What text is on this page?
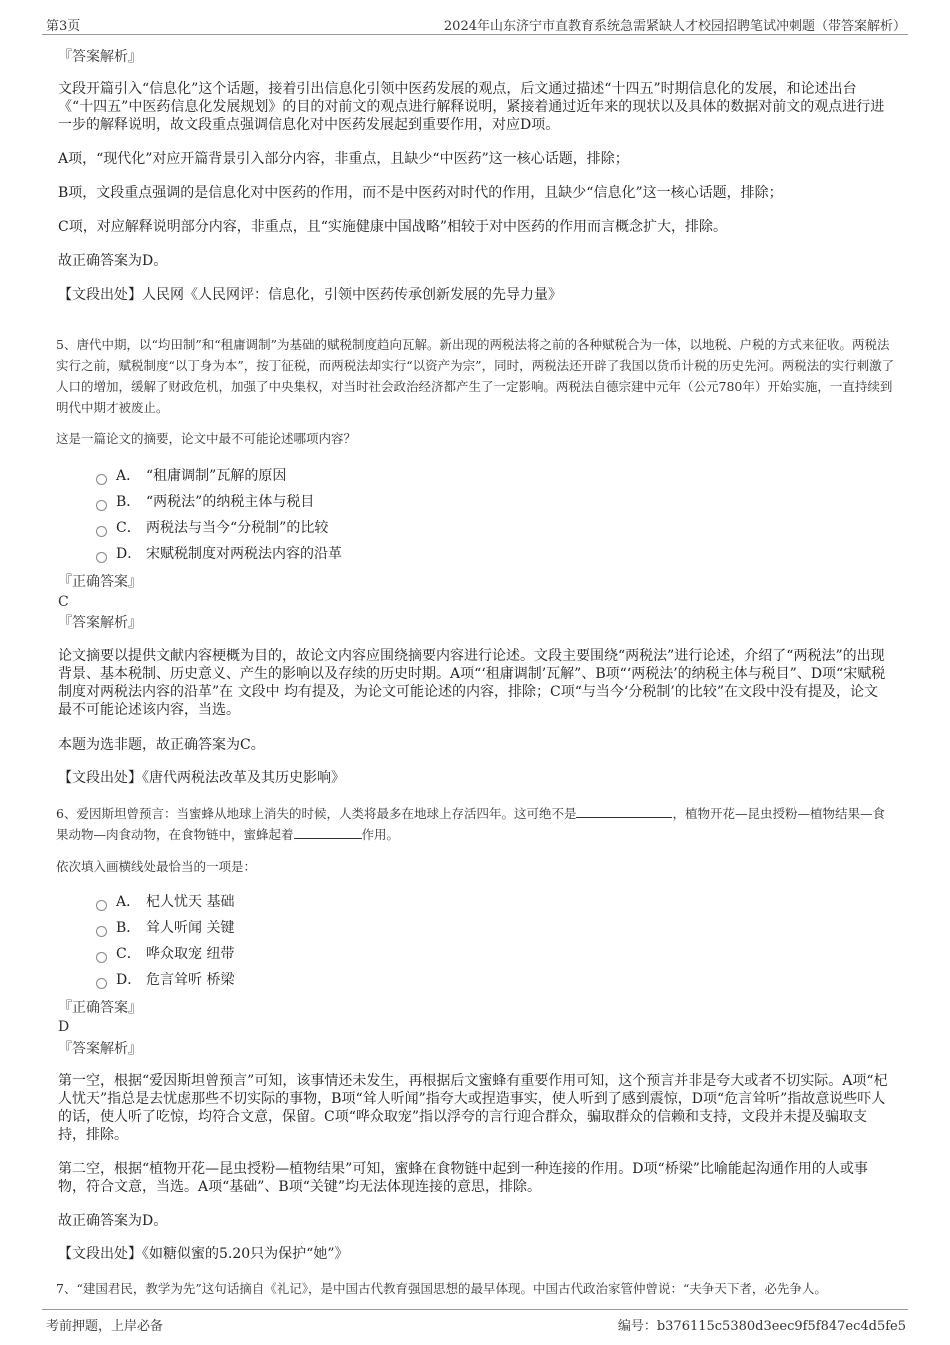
第3页	2024年山东济宁市直教育系统急需紧缺人才校园招聘笔试冲刺题（带答案解析）

『答案解析』

文段开篇引入“信息化”这个话题，接着引出信息化引领中医药发展的观点，后文通过描述“十四五”时期信息化的发展，和论述出台《“十四五”中医药信息化发展规划》的目的对前文的观点进行解释说明，紧接着通过近年来的现状以及具体的数据对前文的观点进行进一步的解释说明，故文段重点强调信息化对中医药发展起到重要作用，对应D项。

A项，“现代化”对应开篇背景引入部分内容，非重点，且缺少“中医药”这一核心话题，排除；

B项，文段重点强调的是信息化对中医药的作用，而不是中医药对时代的作用，且缺少“信息化”这一核心话题，排除；

C项，对应解释说明部分内容，非重点，且“实施健康中国战略”相较于对中医药的作用而言概念扩大，排除。

故正确答案为D。

【文段出处】人民网《人民网评：信息化，引领中医药传承创新发展的先导力量》

5、唐代中期，以“均田制”和“租庸调制”为基础的赋税制度趋向瓦解。新出现的两税法将之前的各种赋税合为一体，以地税、户税的方式来征收。两税法实行之前，赋税制度“以丁身为本”，按丁征税，而两税法却实行“以资产为宗”，同时，两税法还开辟了我国以货币计税的历史先河。两税法的实行刺激了人口的增加，缓解了财政危机，加强了中央集权，对当时社会政治经济都产生了一定影响。两税法自德宗建中元年（公元780年）开始实施，一直持续到明代中期才被废止。

这是一篇论文的摘要，论文中最不可能论述哪项内容？

A． “租庸调制”瓦解的原因
B． “两税法”的纳税主体与税目
C． 两税法与当今“分税制”的比较
D． 宋赋税制度对两税法内容的沿革

『正确答案』

C

『答案解析』

论文摘要以提供文献内容梗概为目的，故论文内容应围绕摘要内容进行论述。文段主要围绕“两税法”进行论述，介绍了“两税法”的出现背景、基本税制、历史意义、产生的影响以及存续的历史时期。A项“‘租庸调制’瓦解”、B项“‘两税法’的纳税主体与税目”、D项“宋赋税制度对两税法内容的沿革”在 文段中 均有提及，为论文可能论述的内容，排除；C项“与当今‘分税制’的比较”在文段中没有提及，论文最不可能论述该内容，当选。

本题为选非题，故正确答案为C。

【文段出处】《唐代两税法改革及其历史影响》

6、爱因斯坦曾预言：当蜜蜂从地球上消失的时候，人类将最多在地球上存活四年。这可绝不是	，植物开花—昆虫授粉—植物结果—食果动物—肉食动物，在食物链中，蜜蜂起着	作用。

依次填入画横线处最恰当的一项是：

A． 杞人忧天 基础
B． 耸人听闻 关键
C． 哗众取宠 纽带
D． 危言耸听 桥梁

『正确答案』

D

『答案解析』

第一空，根据“爱因斯坦曾预言”可知，该事情还未发生，再根据后文蜜蜂有重要作用可知，这个预言并非是夸大或者不切实际。A项“杞人忧天”指总是去忧虑那些不切实际的事物，B项“耸人听闻”指夸大或捏造事实，使人听到了感到震惊，D项“危言耸听”指故意说些吓人的话，使人听了吃惊，均符合文意，保留。C项“哗众取宠”指以浮夸的言行迎合群众，骗取群众的信赖和支持，文段并未提及骗取支持，排除。

第二空，根据“植物开花—昆虫授粉—植物结果”可知，蜜蜂在食物链中起到一种连接的作用。D项“桥梁”比喻能起沟通作用的人或事物，符合文意，当选。A项“基础”、B项“关键”均无法体现连接的意思，排除。

故正确答案为D。

【文段出处】《如糖似蜜的5.20只为保护“她”》

7、“建国君民，教学为先”这句话摘自《礼记》，是中国古代教育强国思想的最早体现。中国古代政治家管仲曾说：“夫争天下者，必先争人。

考前押题，上岸必备	编号：b376115c5380d3eec9f5f847ec4d5fe5
